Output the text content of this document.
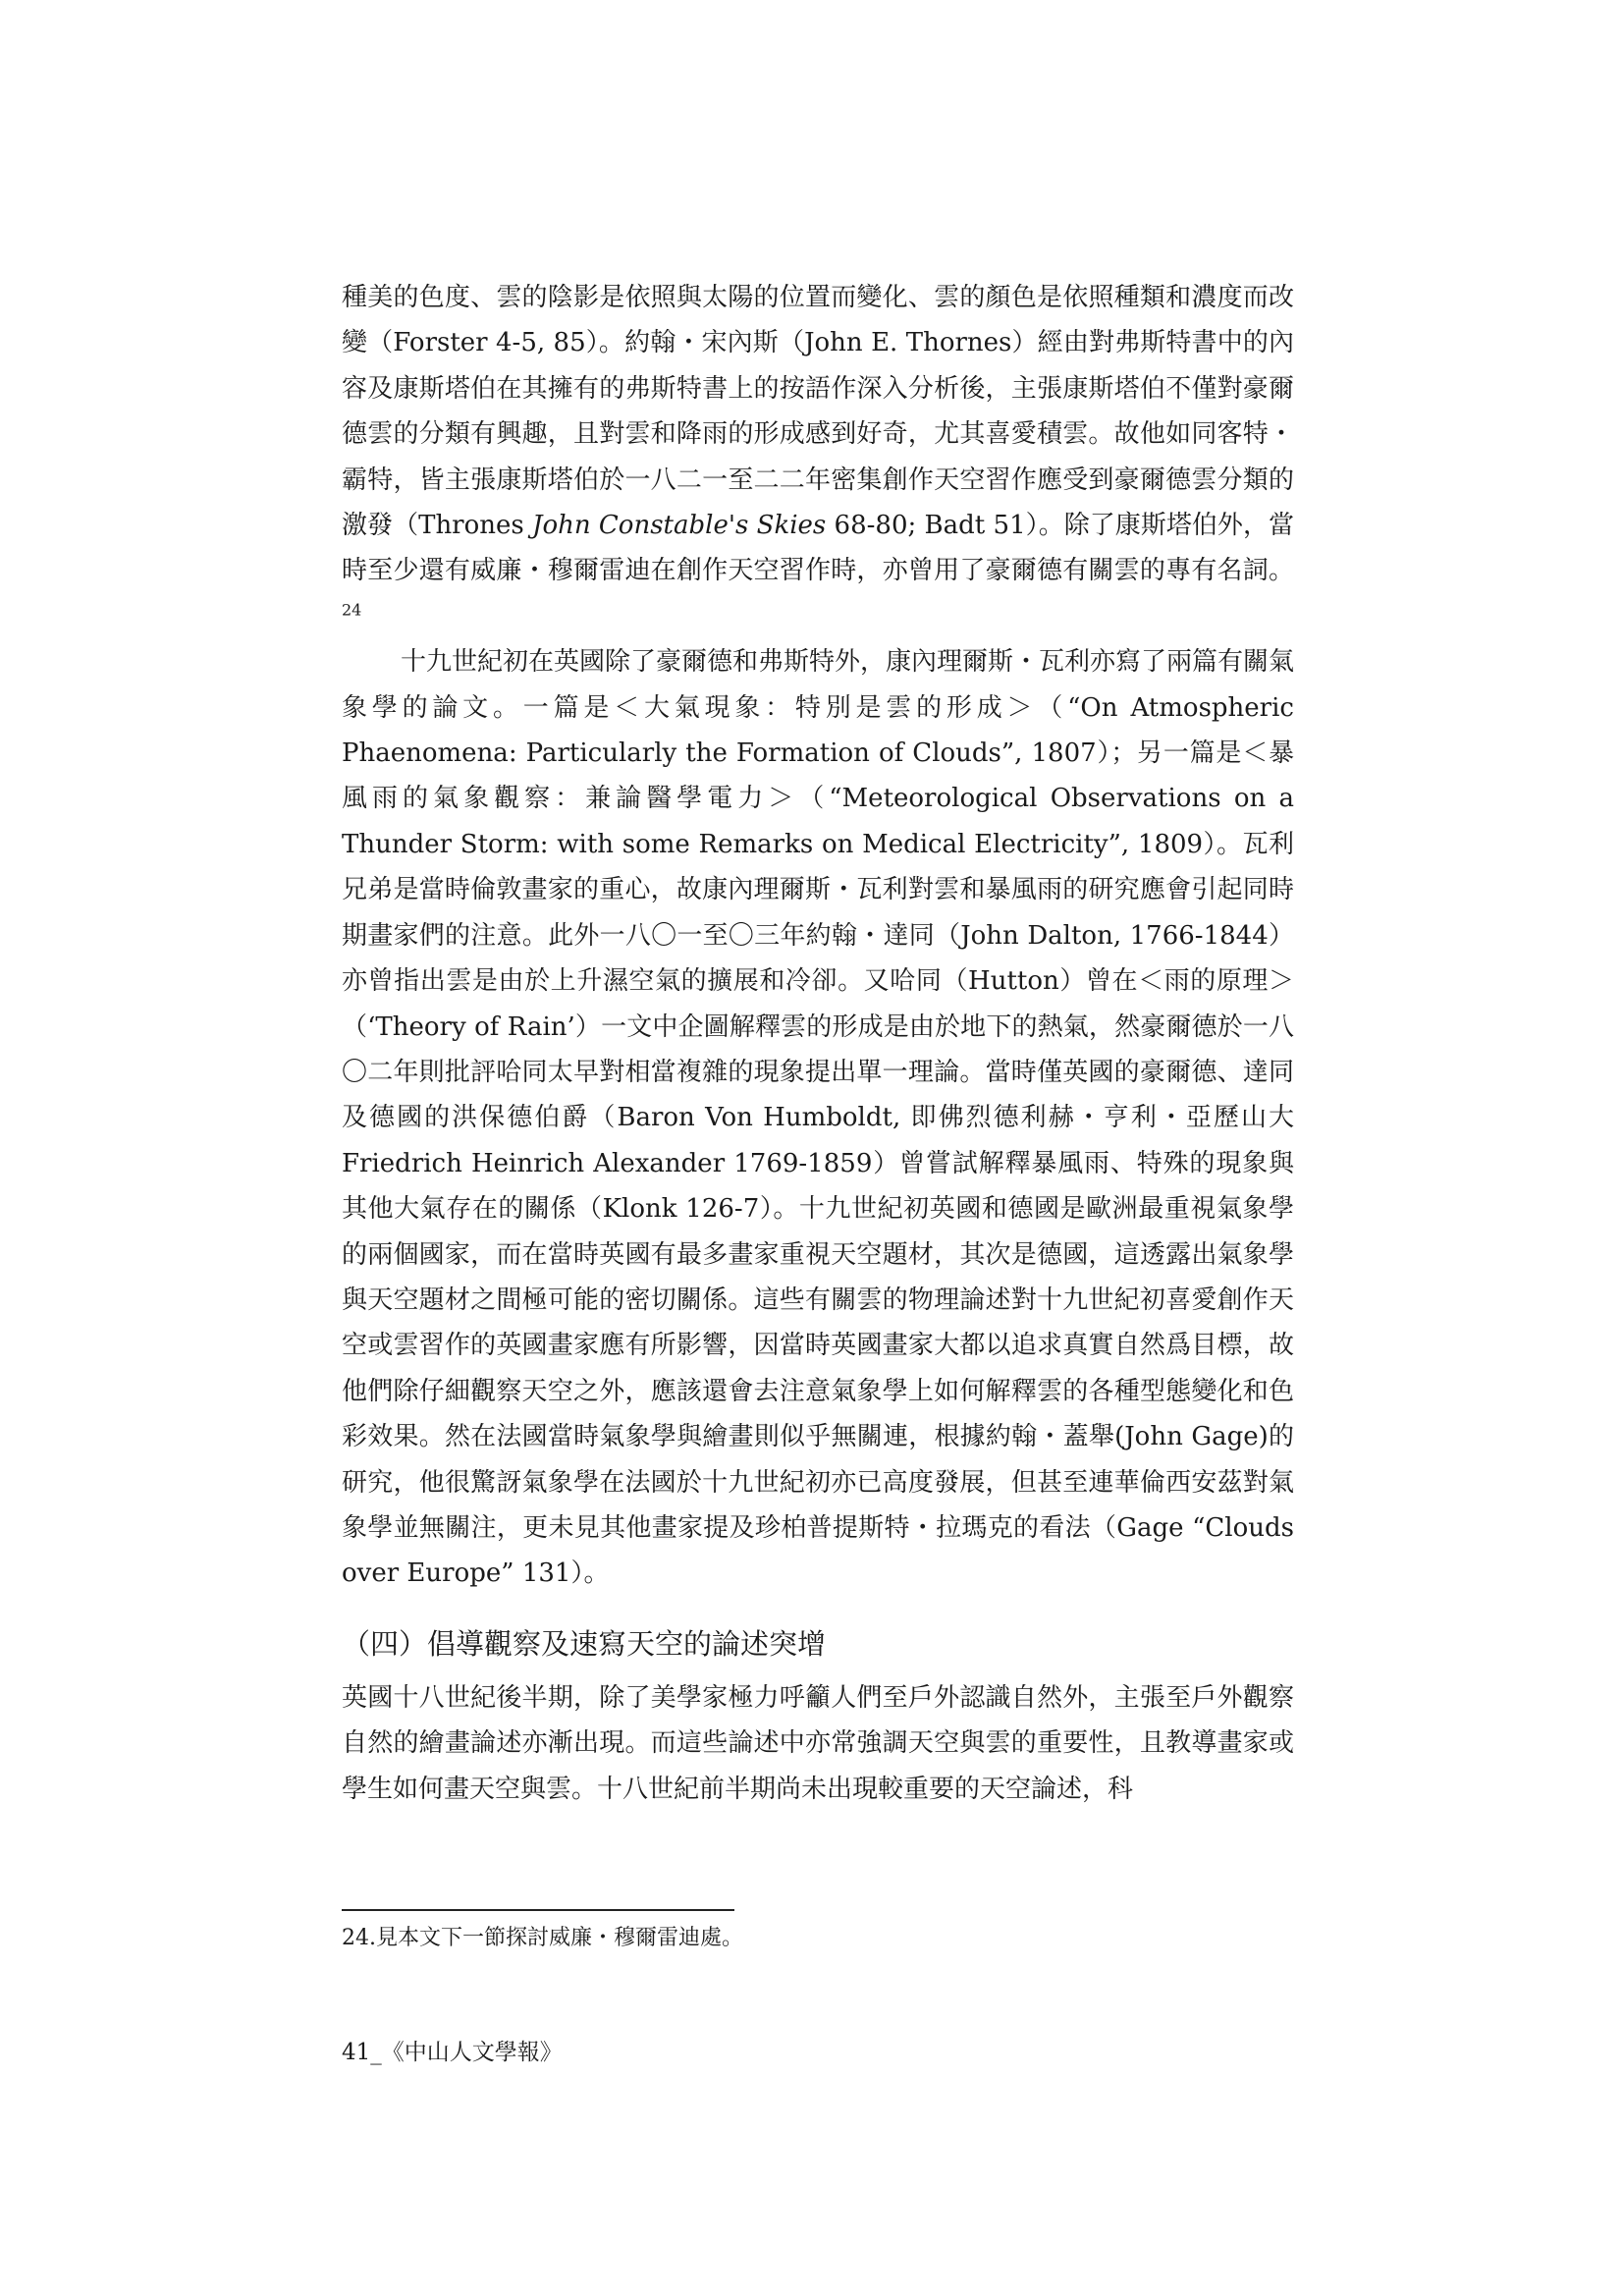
種美的色度、雲的陰影是依照與太陽的位置而變化、雲的顏色是依照種類和濃度而改變（Forster 4-5, 85）。約翰・宋內斯（John E. Thornes）經由對弗斯特書中的內容及康斯塔伯在其擁有的弗斯特書上的按語作深入分析後，主張康斯塔伯不僅對豪爾德雲的分類有興趣，且對雲和降雨的形成感到好奇，尤其喜愛積雲。故他如同客特・霸特，皆主張康斯塔伯於一八二一至二二年密集創作天空習作應受到豪爾德雲分類的激發（Thrones John Constable's Skies 68-80; Badt 51）。除了康斯塔伯外，當時至少還有威廉・穆爾雷迪在創作天空習作時，亦曾用了豪爾德有關雲的專有名詞。$^{24}$

十九世紀初在英國除了豪爾德和弗斯特外，康內理爾斯・瓦利亦寫了兩篇有關氣象學的論文。一篇是＜大氣現象：特別是雲的形成＞（“On Atmospheric Phaenomena: Particularly the Formation of Clouds”, 1807）；另一篇是＜暴風雨的氣象觀察：兼論醫學電力＞（“Meteorological Observations on a Thunder Storm: with some Remarks on Medical Electricity”, 1809）。瓦利兄弟是當時倫敦畫家的重心，故康內理爾斯・瓦利對雲和暴風雨的研究應會引起同時期畫家們的注意。此外一八〇一至〇三年約翰・達同（John Dalton, 1766-1844）亦曾指出雲是由於上升濕空氣的擴展和冷卻。又哈同（Hutton）曾在＜雨的原理＞（‘Theory of Rain’）一文中企圖解釋雲的形成是由於地下的熱氣，然豪爾德於一八〇二年則批評哈同太早對相當複雜的現象提出單一理論。當時僅英國的豪爾德、達同及德國的洪保德伯爵（Baron Von Humboldt, 即佛烈德利赫・亨利・亞歷山大 Friedrich Heinrich Alexander 1769-1859）曾嘗試解釋暴風雨、特殊的現象與其他大氣存在的關係（Klonk 126-7）。十九世紀初英國和德國是歐洲最重視氣象學的兩個國家，而在當時英國有最多畫家重視天空題材，其次是德國，這透露出氣象學與天空題材之間極可能的密切關係。這些有關雲的物理論述對十九世紀初喜愛創作天空或雲習作的英國畫家應有所影響，因當時英國畫家大都以追求真實自然爲目標，故他們除仔細觀察天空之外，應該還會去注意氣象學上如何解釋雲的各種型態變化和色彩效果。然在法國當時氣象學與繪畫則似乎無關連，根據約翰・蓋舉(John Gage)的研究，他很驚訝氣象學在法國於十九世紀初亦已高度發展，但甚至連華倫西安茲對氣象學並無關注，更未見其他畫家提及珍柏普提斯特・拉瑪克的看法（Gage “Clouds over Europe” 131）。

（四）倡導觀察及速寫天空的論述突增

英國十八世紀後半期，除了美學家極力呼籲人們至戶外認識自然外，主張至戶外觀察自然的繪畫論述亦漸出現。而這些論述中亦常強調天空與雲的重要性，且教導畫家或學生如何畫天空與雲。十八世紀前半期尚未出現較重要的天空論述，科

24.見本文下一節探討威廉・穆爾雷迪處。
41_《中山人文學報》
